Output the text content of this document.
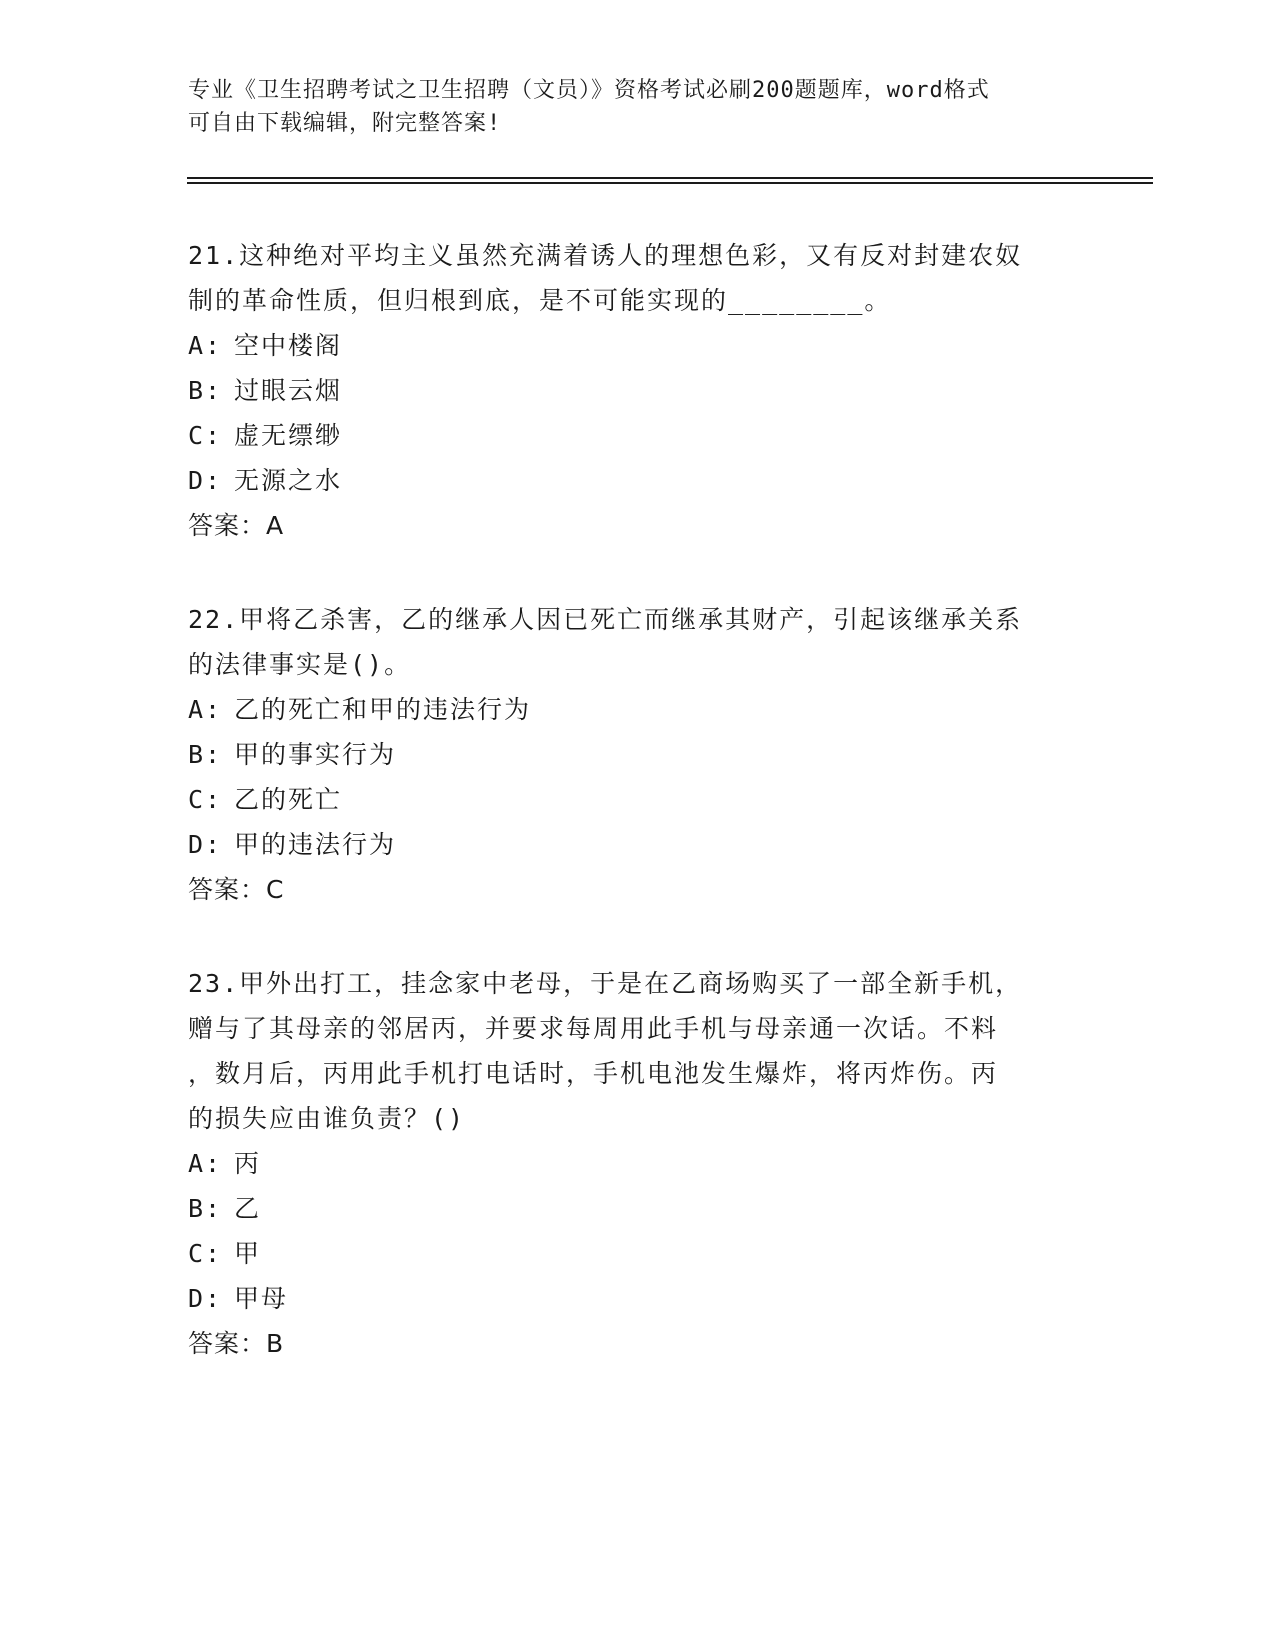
专业《卫生招聘考试之卫生招聘（文员）》资格考试必刷200题题库，word格式
可自由下载编辑，附完整答案!
21.这种绝对平均主义虽然充满着诱人的理想色彩，又有反对封建农奴
制的革命性质，但归根到底，是不可能实现的________。
A: 空中楼阁
B: 过眼云烟
C: 虚无缥缈
D: 无源之水
答案：A
22.甲将乙杀害，乙的继承人因已死亡而继承其财产，引起该继承关系
的法律事实是()。
A: 乙的死亡和甲的违法行为
B: 甲的事实行为
C: 乙的死亡
D: 甲的违法行为
答案：C
23.甲外出打工，挂念家中老母，于是在乙商场购买了一部全新手机，
赠与了其母亲的邻居丙，并要求每周用此手机与母亲通一次话。不料
，数月后，丙用此手机打电话时，手机电池发生爆炸，将丙炸伤。丙
的损失应由谁负责？()
A: 丙
B: 乙
C: 甲
D: 甲母
答案：B
